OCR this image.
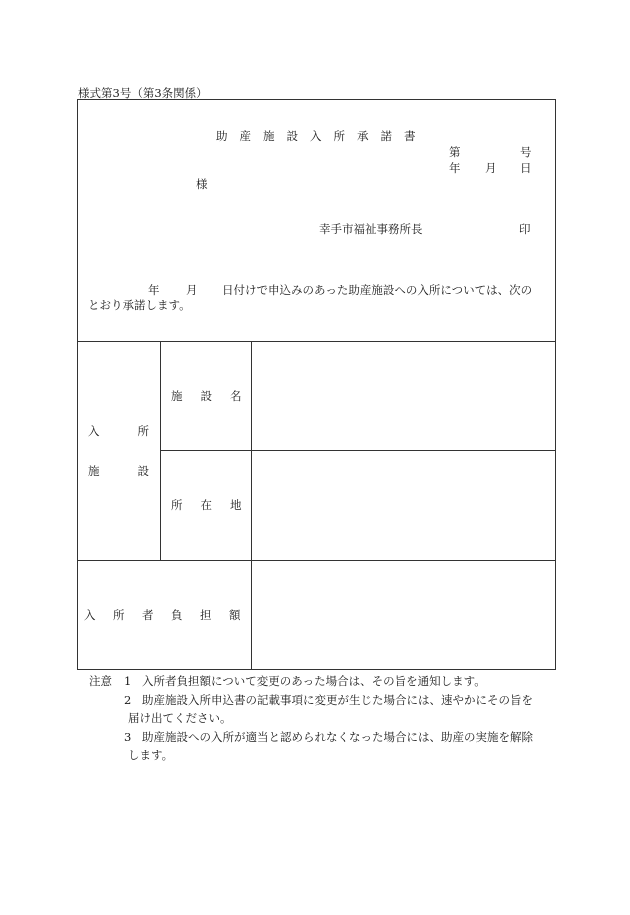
様式第3号（第3条関係）
助産施設入所承諾書
第	号
年 月 日
様
幸手市福祉事務所長	印
年 月 日付けで申込みのあった助産施設への入所については、次の
とおり承諾します。
入所
施設
施設名
所在地
入所者負担額
注意 1 入所者負担額について変更のあった場合は、その旨を通知します。
2 助産施設入所申込書の記載事項に変更が生じた場合には、速やかにその旨を
届け出てください。
3 助産施設への入所が適当と認められなくなった場合には、助産の実施を解除
します。
